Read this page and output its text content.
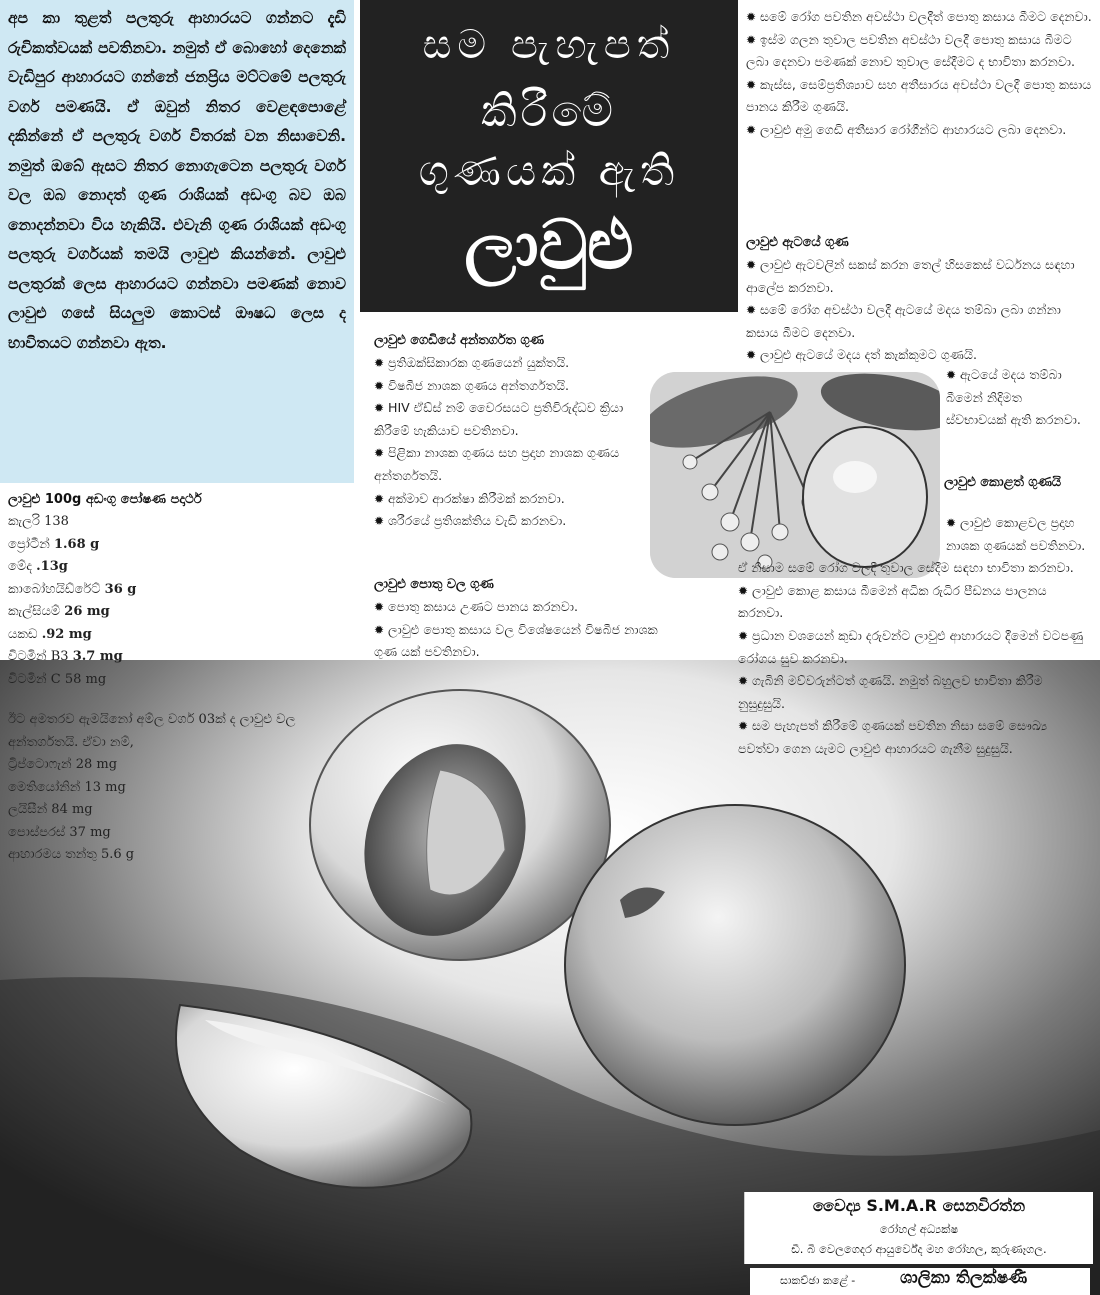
අප කා තුළත් පලතුරු ආහාරයට ගන්නට දැඩි රුචිකත්වයක් පවතිනවා. නමුත් ඒ බොහෝ දෙනෙක් වැඩිපුර ආහාරයට ගන්නේ ජනප්‍රිය මට්ටමේ පලතුරු වර්ග පමණයි. ඒ ඔවුන් නිතර වෙළඳපොළේ දකින්නේ ඒ පලතුරු වර්ග විතරක් වන නිසාවෙනි. නමුත් ඔබේ ඇසට නිතර නොගැටෙන පලතුරු වර්ග වල ඔබ නොදත් ගුණ රාශියක් අඩංගු බව ඔබ නොදන්නවා විය හැකියි. එවැනි ගුණ රාශියක් අඩංගු පලතුරු වර්ගයක් තමයි ලාවුළු කියන්නේ. ලාවුළු පලතුරක් ලෙස ආහාරයට ගන්නවා පමණක් නොව ලාවුළු ගසේ සියලුම කොටස් ඖෂධ ලෙස ද භාවිතයට ගන්නවා ඇත.

සම පැහැපත්
කිරීමේ
ගුණයක් ඇති
ලාවුළු
✹ සමේ රෝග පවතින අවස්ථා වලදීත් පොතු කසාය බීමට දෙනවා.
✹ ඉස්ම ගලන තුවාල පවතින අවස්ථා වලදී පොතු කසාය බීමට ලබා දෙනවා පමණක් නොව තුවාල සේදීමට ද භාවිතා කරනවා.
✹ කැස්ස, සෙම්ප්‍රතිශ්‍යාව සහ අතීසාරය අවස්ථා වලදී පොතු කසාය පානය කිරීම ගුණයි.
✹ ලාවුළු අමු ගෙඩි අතීසාර රෝගීන්ට ආහාරයට ලබා දෙනවා.

ලාවුළු ඇටයේ ගුණ

✹ ලාවුළු ඇටවලින් සකස් කරන තෙල් හිසකෙස් වර්ධනය සඳහා ආලේප කරනවා.
✹ සමේ රෝග අවස්ථා වලදී ඇටයේ මදය තම්බා ලබා ගන්නා කසාය බීමට දෙනවා.
✹ ලාවුළු ඇටයේ මදය දත් කැක්කුමට ගුණයි.
✹ ඇටයේ මදය තම්බා බීමෙන් නිදිමත ස්වභාවයක් ඇති කරනවා.

ලාවුළු ගෙඩියේ අන්තර්ගත ගුණ

✹ ප්‍රතිඔක්සිකාරක ගුණයෙන් යුක්තයි.
✹ විෂබීජ නාශක ගුණය අන්තර්ගතයි.
✹ HIV ඒඩ්ස් නම් වෛරසයට ප්‍රතිවිරුද්ධව ක්‍රියා කිරීමේ හැකියාව පවතිනවා.
✹ පිළිකා නාශක ගුණය සහ ප්‍රදාහ නාශක ගුණය අන්තර්ගතයි.
✹ අක්මාව ආරක්ෂා කිරීමක් කරනවා.
✹ ශරීරයේ ප්‍රතිශක්තිය වැඩි කරනවා.

ලාවුළු පොතු වල ගුණ

✹ පොතු කසාය උණට පානය කරනවා.
✹ ලාවුළු පොතු කසාය වල විශේෂයෙන් විෂබීජ නාශක ගුණ යක් පවතිනවා.

ලාවුළු කොළත් ගුණයි

✹ ලාවුළු කොළවල ප්‍රදාහ නාශක ගුණයක් පවතිනවා.
ඒ නිසාම සමේ රෝග වලදී තුවාල සේදීම සඳහා භාවිතා කරනවා.
✹ ලාවුළු කොළ කසාය බීමෙන් අධික රුධිර පීඩනය පාලනය කරනවා.
✹ ප්‍රධාන වශයෙන් කුඩා දරුවන්ට ලාවුළු ආහාරයට දීමෙන් වටපණු රෝගය සුව කරනවා.
✹ ගැබිනි මව්වරුන්ටත් ගුණයි. නමුත් බහුලව භාවිතා කිරීම නුසුදුසුයි.
✹ සම පැහැපත් කිරීමේ ගුණයක් පවතින නිසා සමේ සෞඛ්‍ය පවත්වා ගෙන යැමට ලාවුළු ආහාරයට ගැනීම සුදුසුයි.
ලාවුළු 100g අඩංගු පෝෂණ පදාර්ථ
කැලරි 138
ප්‍රෝටීන් 1.68 g
මේද .13g
කාබෝහයිඩ්රේට් 36 g
කැල්සියම් 26 mg
යකඩ .92 mg
විටමින් B3 3.7 mg
විටමින් C 58 mg
ඊට අමතරව ඇමයිනෝ අම්ල වර්ග 03ක් ද ලාවුළු වල අන්තර්ගතයි. ඒවා නම්,
ට්‍රිප්ටොෆැන් 28 mg
මෙතියෝනින් 13 mg
ලයිසීන් 84 mg
පොස්පරස් 37 mg
ආහාරමය තන්තු 5.6 g
වෛද්‍ය S.M.A.R සෙනවිරත්න
රෝහල් අධ්‍යක්ෂ
ඩී. බී වෙලගෙදර ආයුර්වේද මහ රෝහල, කුරුණෑගල.
සාකච්ඡා කළේ -	ශාලිකා තිලක්ෂණී
